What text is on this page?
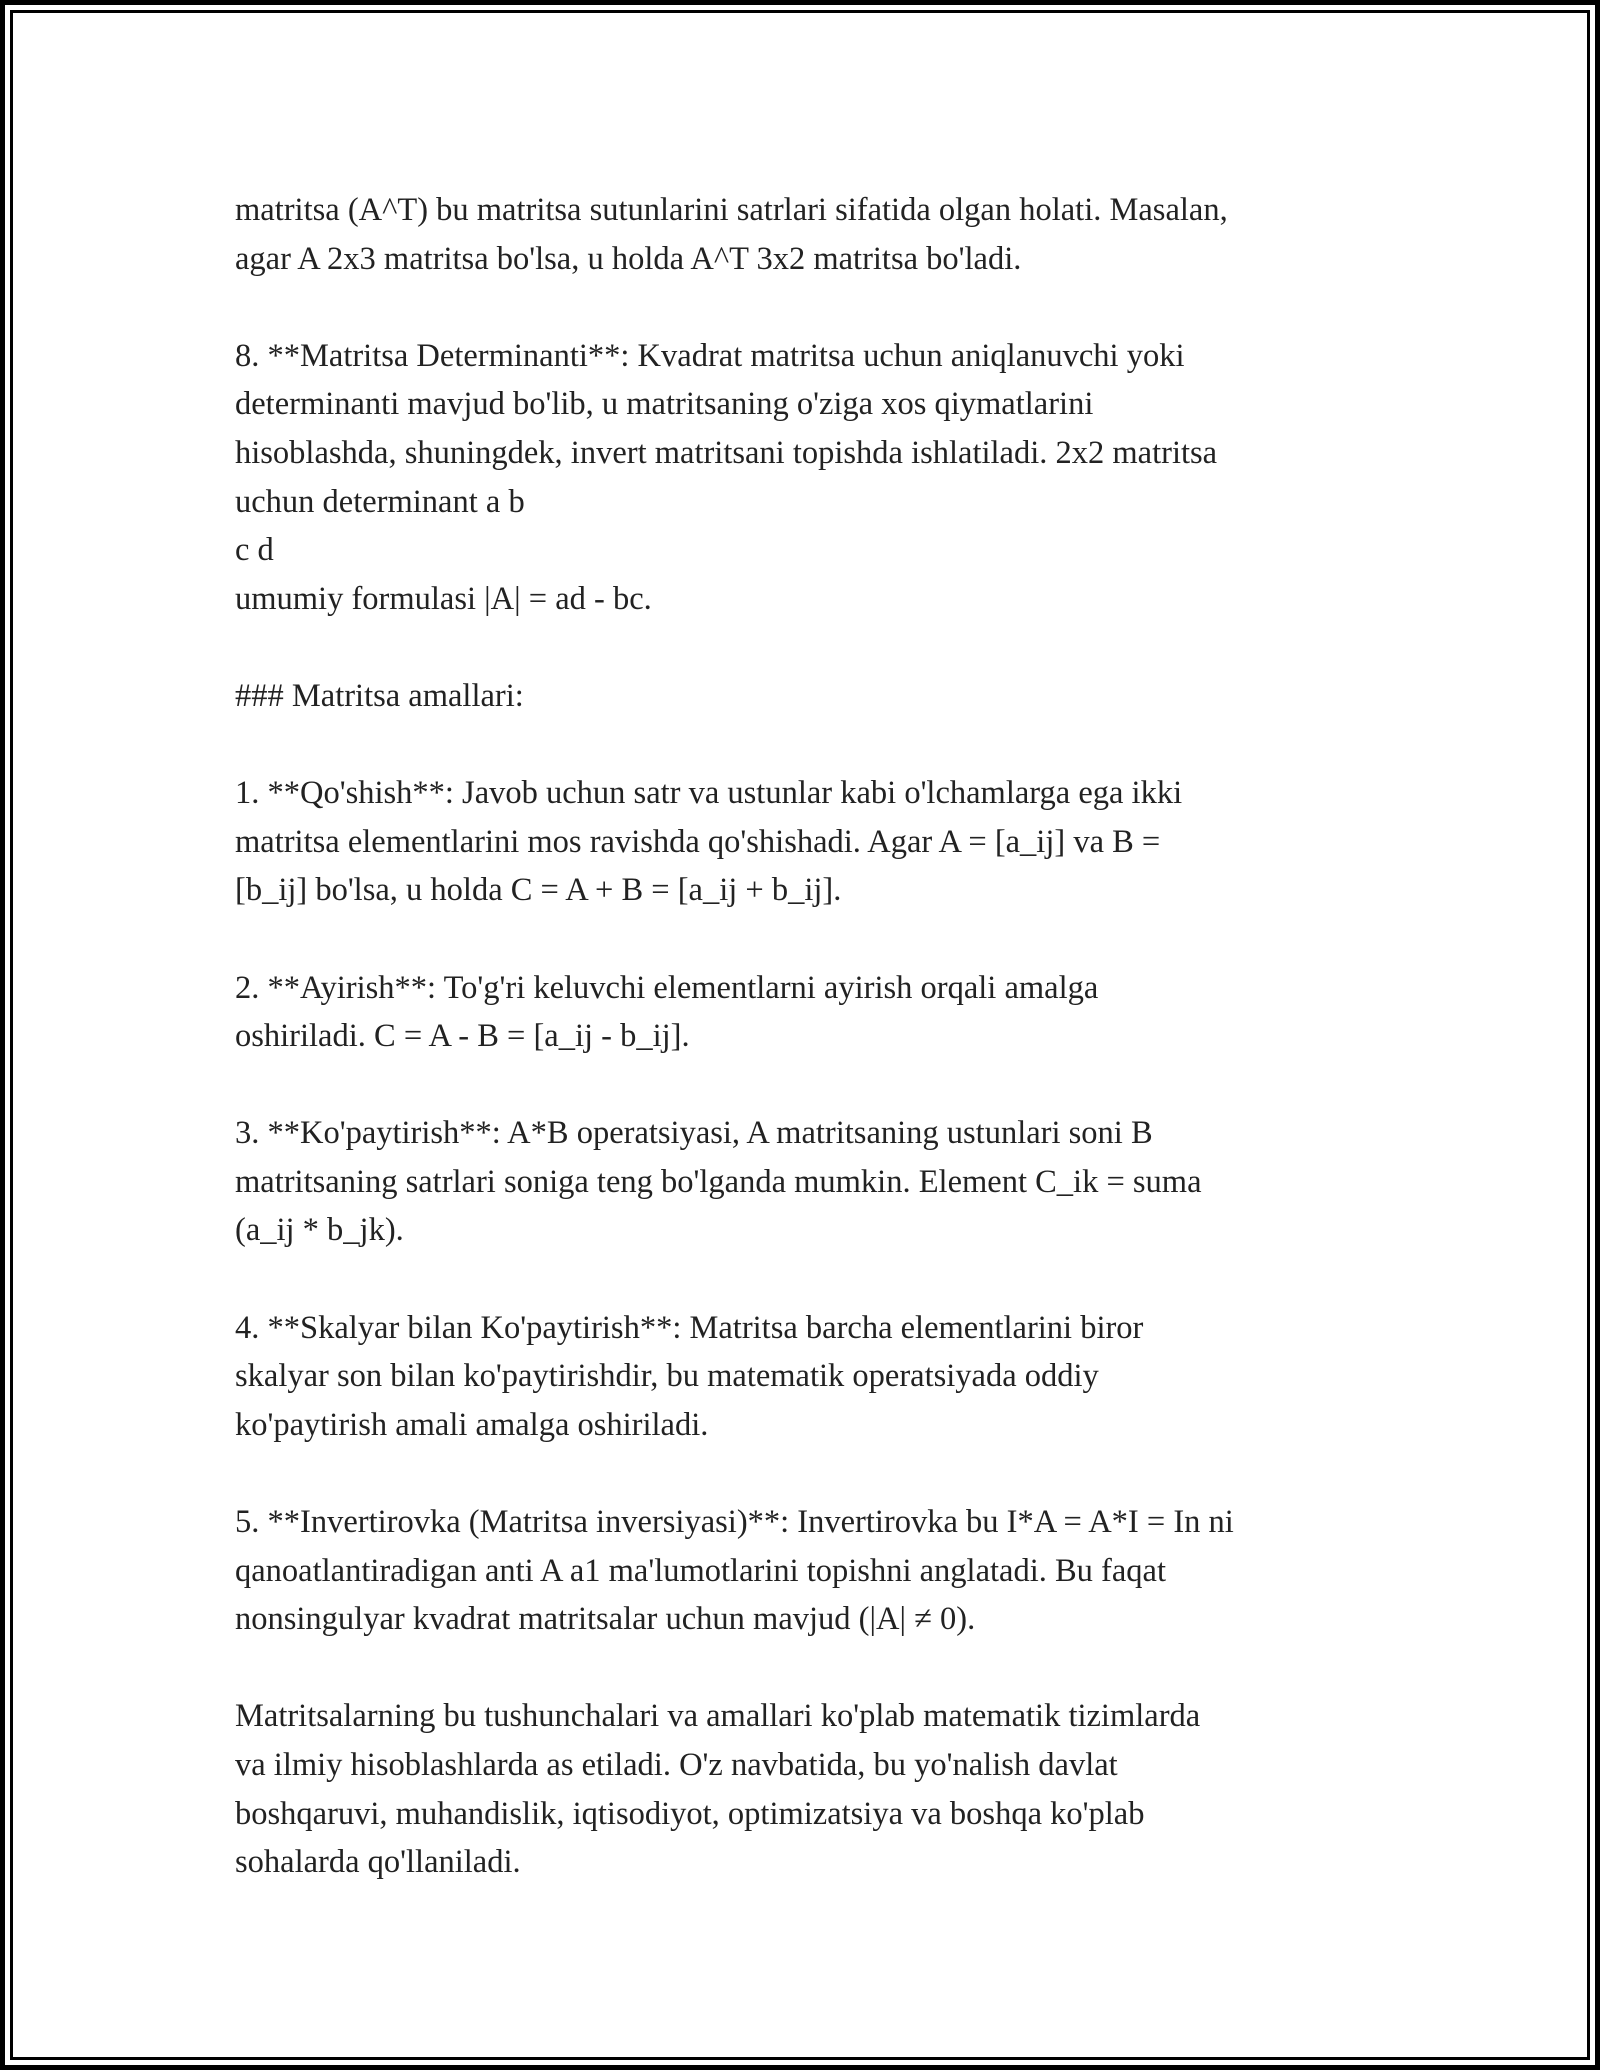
matritsa (A^T) bu matritsa sutunlarini satrlari sifatida olgan holati. Masalan,
agar A 2x3 matritsa bo'lsa, u holda A^T 3x2 matritsa bo'ladi.

8. **Matritsa Determinanti**: Kvadrat matritsa uchun aniqlanuvchi yoki
determinanti mavjud bo'lib, u matritsaning o'ziga xos qiymatlarini
hisoblashda, shuningdek, invert matritsani topishda ishlatiladi. 2x2 matritsa
uchun determinant a b
c d
umumiy formulasi |A| = ad - bc.

### Matritsa amallari:

1. **Qo'shish**: Javob uchun satr va ustunlar kabi o'lchamlarga ega ikki
matritsa elementlarini mos ravishda qo'shishadi. Agar A = [a_ij] va B =
[b_ij] bo'lsa, u holda C = A + B = [a_ij + b_ij].

2. **Ayirish**: To'g'ri keluvchi elementlarni ayirish orqali amalga
oshiriladi. C = A - B = [a_ij - b_ij].

3. **Ko'paytirish**: A*B operatsiyasi, A matritsaning ustunlari soni B
matritsaning satrlari soniga teng bo'lganda mumkin. Element C_ik = suma
(a_ij * b_jk).

4. **Skalyar bilan Ko'paytirish**: Matritsa barcha elementlarini biror
skalyar son bilan ko'paytirishdir, bu matematik operatsiyada oddiy
ko'paytirish amali amalga oshiriladi.

5. **Invertirovka (Matritsa inversiyasi)**: Invertirovka bu I*A = A*I = In ni
qanoatlantiradigan anti A a1 ma'lumotlarini topishni anglatadi. Bu faqat
nonsingulyar kvadrat matritsalar uchun mavjud (|A| ≠ 0).

Matritsalarning bu tushunchalari va amallari ko'plab matematik tizimlarda
va ilmiy hisoblashlarda as etiladi. O'z navbatida, bu yo'nalish davlat
boshqaruvi, muhandislik, iqtisodiyot, optimizatsiya va boshqa ko'plab
sohalarda qo'llaniladi.
